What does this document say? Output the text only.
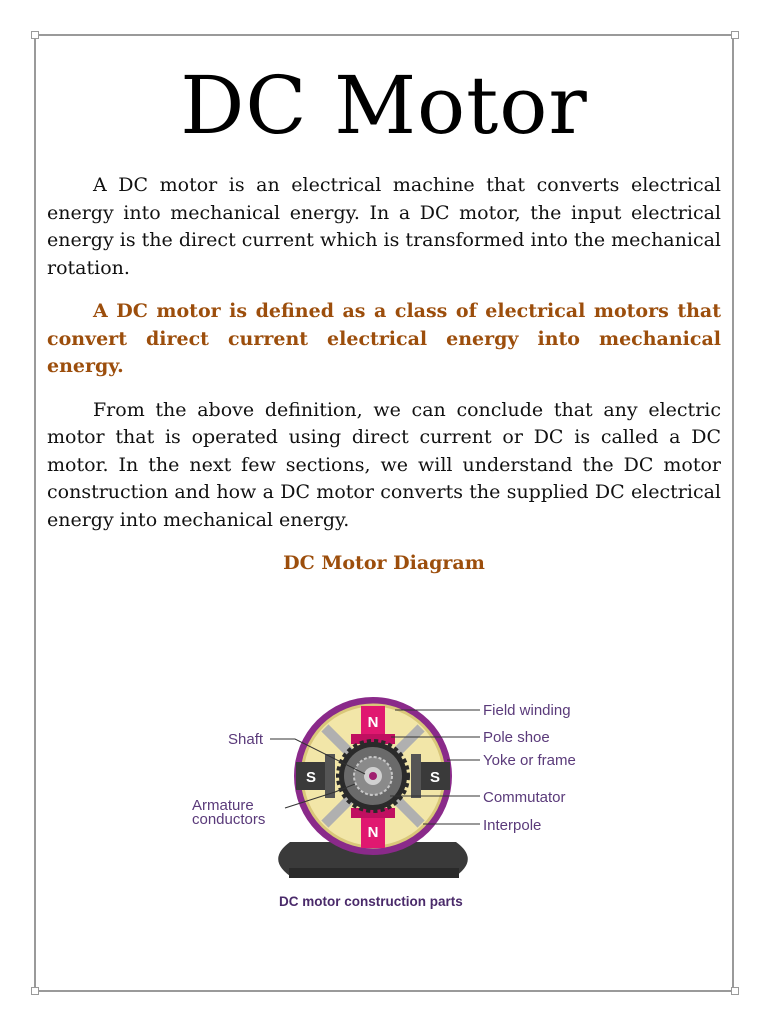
DC Motor

A DC motor is an electrical machine that converts electrical energy into mechanical energy. In a DC motor, the input electrical energy is the direct current which is transformed into the mechanical rotation.

A DC motor is defined as a class of electrical motors that convert direct current electrical energy into mechanical energy.

From the above definition, we can conclude that any electric motor that is operated using direct current or DC is called a DC motor. In the next few sections, we will understand the DC motor construction and how a DC motor converts the supplied DC electrical energy into mechanical energy.

DC Motor Diagram
N
N
S	S
Field winding
Pole shoe
Yoke or frame
Commutator
Interpole
Shaft
Armature
conductors
DC motor construction parts
